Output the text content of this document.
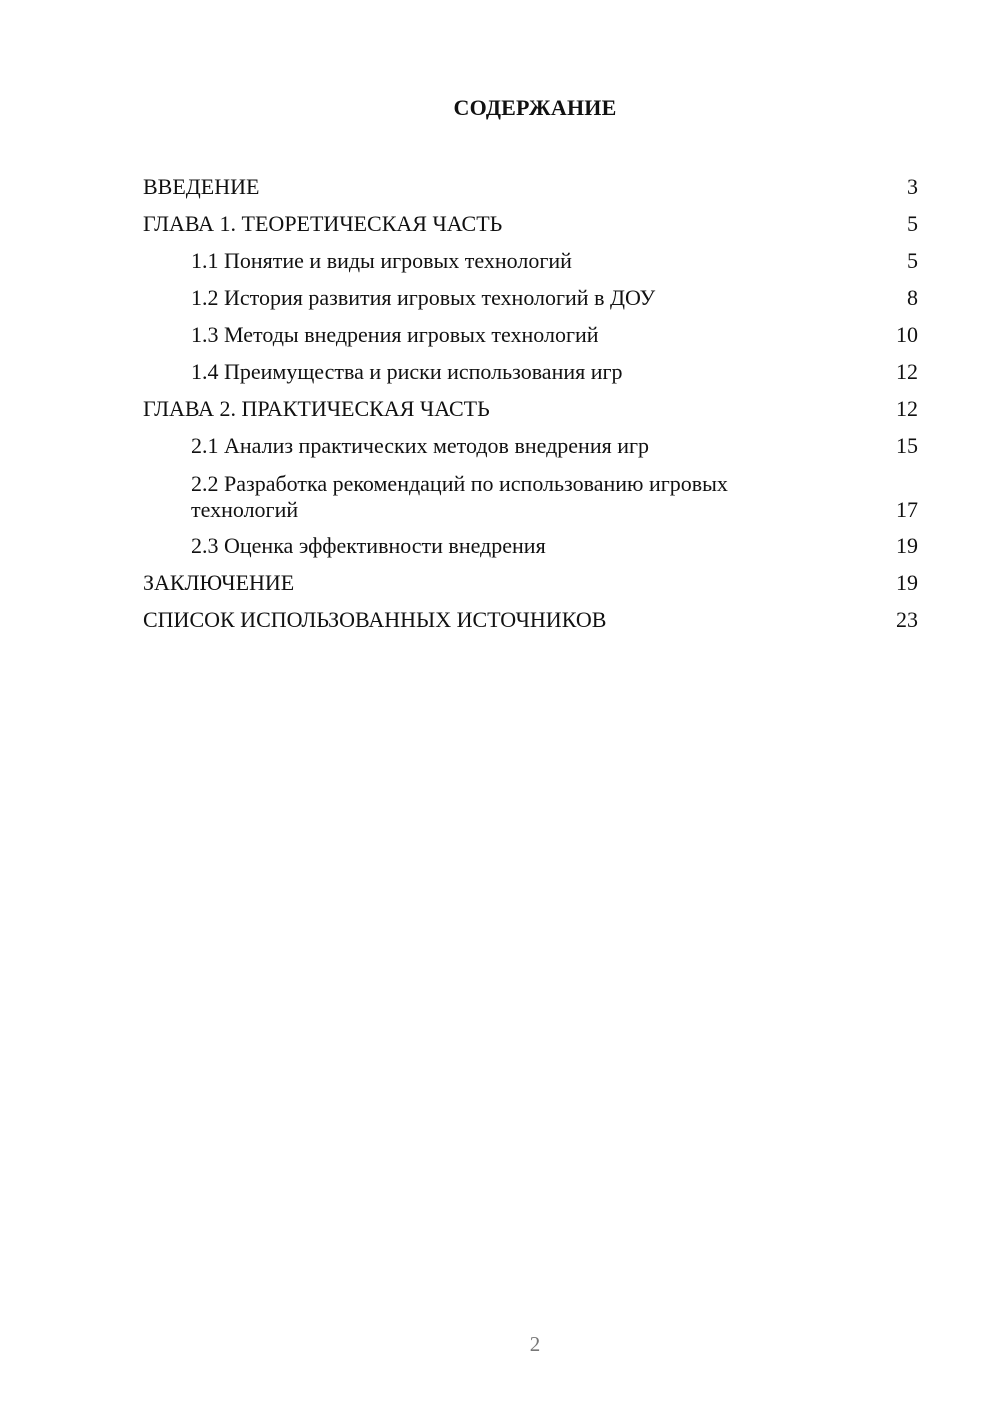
СОДЕРЖАНИЕ
ВВЕДЕНИЕ	3
ГЛАВА 1. ТЕОРЕТИЧЕСКАЯ ЧАСТЬ	5
1.1 Понятие и виды игровых технологий	5
1.2 История развития игровых технологий в ДОУ	8
1.3 Методы внедрения игровых технологий	10
1.4 Преимущества и риски использования игр	12
ГЛАВА 2. ПРАКТИЧЕСКАЯ ЧАСТЬ	12
2.1 Анализ практических методов внедрения игр	15
2.2 Разработка рекомендаций по использованию игровых технологий	17
2.3 Оценка эффективности внедрения	19
ЗАКЛЮЧЕНИЕ	19
СПИСОК ИСПОЛЬЗОВАННЫХ ИСТОЧНИКОВ	23
2
